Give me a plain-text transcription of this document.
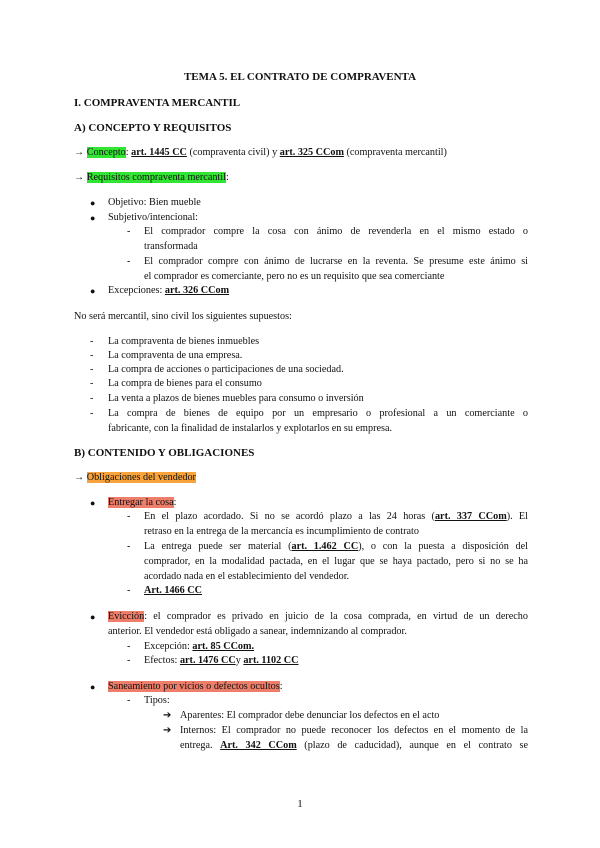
TEMA 5. EL CONTRATO DE COMPRAVENTA
I. COMPRAVENTA MERCANTIL
A) CONCEPTO Y REQUISITOS
→ Concepto: art. 1445 CC (compraventa civil) y art. 325 CCom (compraventa mercantil)
→ Requisitos compraventa mercantil:
● Objetivo: Bien mueble
● Subjetivo/intencional:
- El comprador compre la cosa con ánimo de revenderla en el mismo estado o
transformada
- El comprador compre con ánimo de lucrarse en la reventa. Se presume este ánimo si
el comprador es comerciante, pero no es un requisito que sea comerciante
● Excepciones: art. 326 CCom
No será mercantil, sino civil los siguientes supuestos:
- La compraventa de bienes inmuebles
- La compraventa de una empresa.
- La compra de acciones o participaciones de una sociedad.
- La compra de bienes para el consumo
- La venta a plazos de bienes muebles para consumo o inversión
- La compra de bienes de equipo por un empresario o profesional a un comerciante o
fabricante, con la finalidad de instalarlos y explotarlos en su empresa.
B) CONTENIDO Y OBLIGACIONES
→ Obligaciones del vendedor
● Entregar la cosa:
- En el plazo acordado. Si no se acordó plazo a las 24 horas (art. 337 CCom). El
retraso en la entrega de la mercancía es incumplimiento de contrato
- La entrega puede ser material (art. 1.462 CC), o con la puesta a disposición del
comprador, en la modalidad pactada, en el lugar que se haya pactado, pero si no se ha
acordado nada en el establecimiento del vendedor.
- Art. 1466 CC
● Evicción: el comprador es privado en juicio de la cosa comprada, en virtud de un derecho
anterior. El vendedor está obligado a sanear, indemnizando al comprador.
- Excepción: art. 85 CCom.
- Efectos: art. 1476 CCy art. 1102 CC
● Saneamiento por vicios o defectos ocultos:
- Tipos:
➔ Aparentes: El comprador debe denunciar los defectos en el acto
➔ Internos: El comprador no puede reconocer los defectos en el momento de la
entrega. Art. 342 CCom (plazo de caducidad), aunque en el contrato se
1
